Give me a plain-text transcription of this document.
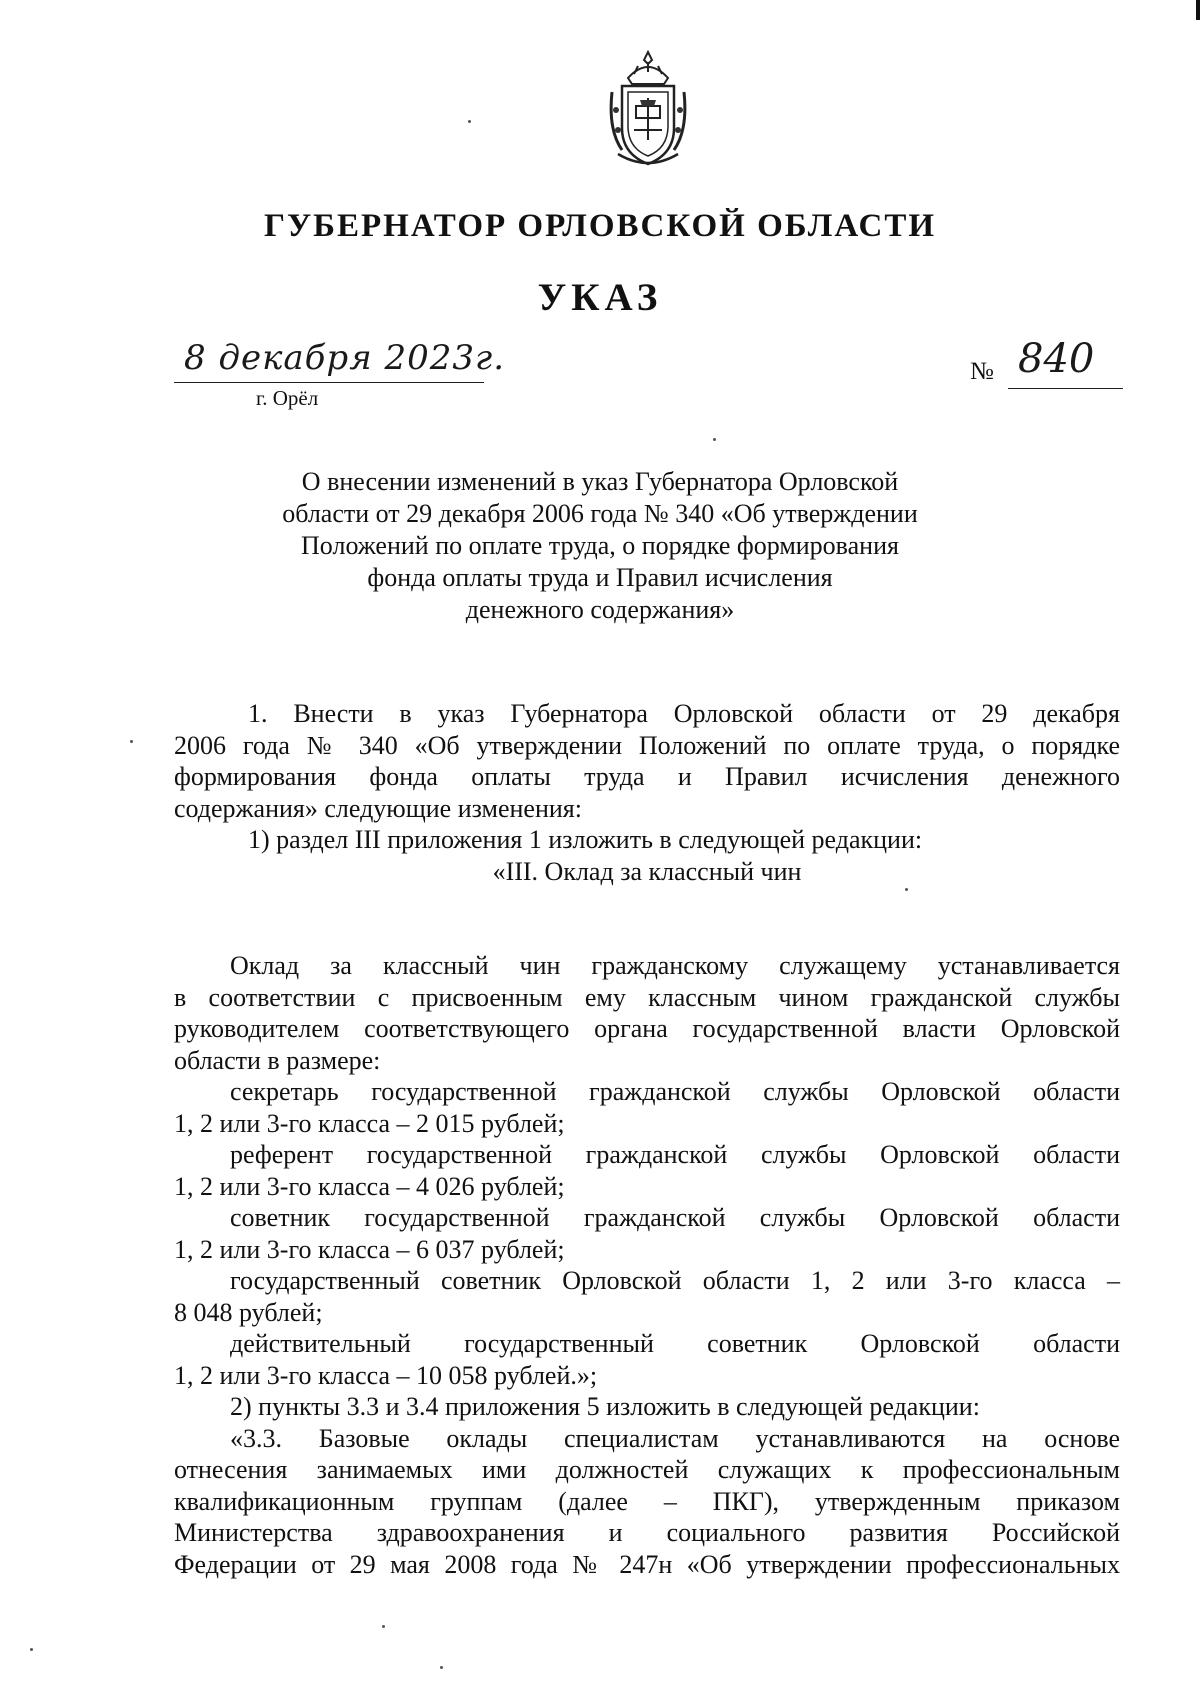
ГУБЕРНАТОР ОРЛОВСКОЙ ОБЛАСТИ
УКАЗ
8 декабря 2023г.
г. Орёл
№ 840
О внесении изменений в указ Губернатора Орловской
области от 29 декабря 2006 года № 340 «Об утверждении
Положений по оплате труда, о порядке формирования
фонда оплаты труда и Правил исчисления
денежного содержания»
1. Внести в указ Губернатора Орловской области от 29 декабря
2006 года № 340 «Об утверждении Положений по оплате труда, о порядке
формирования фонда оплаты труда и Правил исчисления денежного
содержания» следующие изменения:
1) раздел III приложения 1 изложить в следующей редакции:
«III. Оклад за классный чин
Оклад за классный чин гражданскому служащему устанавливается
в соответствии с присвоенным ему классным чином гражданской службы
руководителем соответствующего органа государственной власти Орловской
области в размере:
секретарь государственной гражданской службы Орловской области
1, 2 или 3-го класса – 2 015 рублей;
референт государственной гражданской службы Орловской области
1, 2 или 3-го класса – 4 026 рублей;
советник государственной гражданской службы Орловской области
1, 2 или 3-го класса – 6 037 рублей;
государственный советник Орловской области 1, 2 или 3-го класса –
8 048 рублей;
действительный государственный советник Орловской области
1, 2 или 3-го класса – 10 058 рублей.»;
2) пункты 3.3 и 3.4 приложения 5 изложить в следующей редакции:
«3.3. Базовые оклады специалистам устанавливаются на основе
отнесения занимаемых ими должностей служащих к профессиональным
квалификационным группам (далее – ПКГ), утвержденным приказом
Министерства здравоохранения и социального развития Российской
Федерации от 29 мая 2008 года № 247н «Об утверждении профессиональных
